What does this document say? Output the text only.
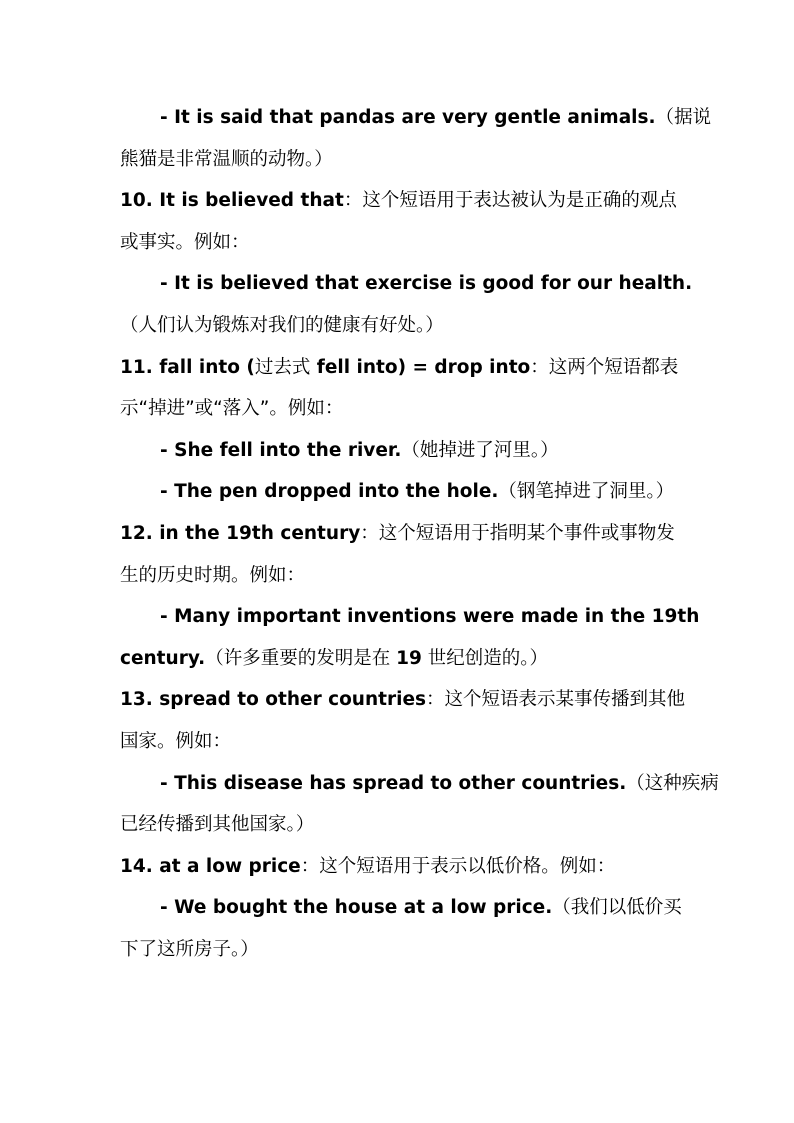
- It is said that pandas are very gentle animals.（据说
熊猫是非常温顺的动物。）
10. It is believed that：这个短语用于表达被认为是正确的观点
或事实。例如：
- It is believed that exercise is good for our health.
（人们认为锻炼对我们的健康有好处。）
11. fall into (过去式 fell into) = drop into：这两个短语都表
示“掉进”或“落入”。例如：
- She fell into the river.（她掉进了河里。）
- The pen dropped into the hole.（钢笔掉进了洞里。）
12. in the 19th century：这个短语用于指明某个事件或事物发
生的历史时期。例如：
- Many important inventions were made in the 19th
century.（许多重要的发明是在 19 世纪创造的。）
13. spread to other countries：这个短语表示某事传播到其他
国家。例如：
- This disease has spread to other countries.（这种疾病
已经传播到其他国家。）
14. at a low price：这个短语用于表示以低价格。例如：
- We bought the house at a low price.（我们以低价买
下了这所房子。）
